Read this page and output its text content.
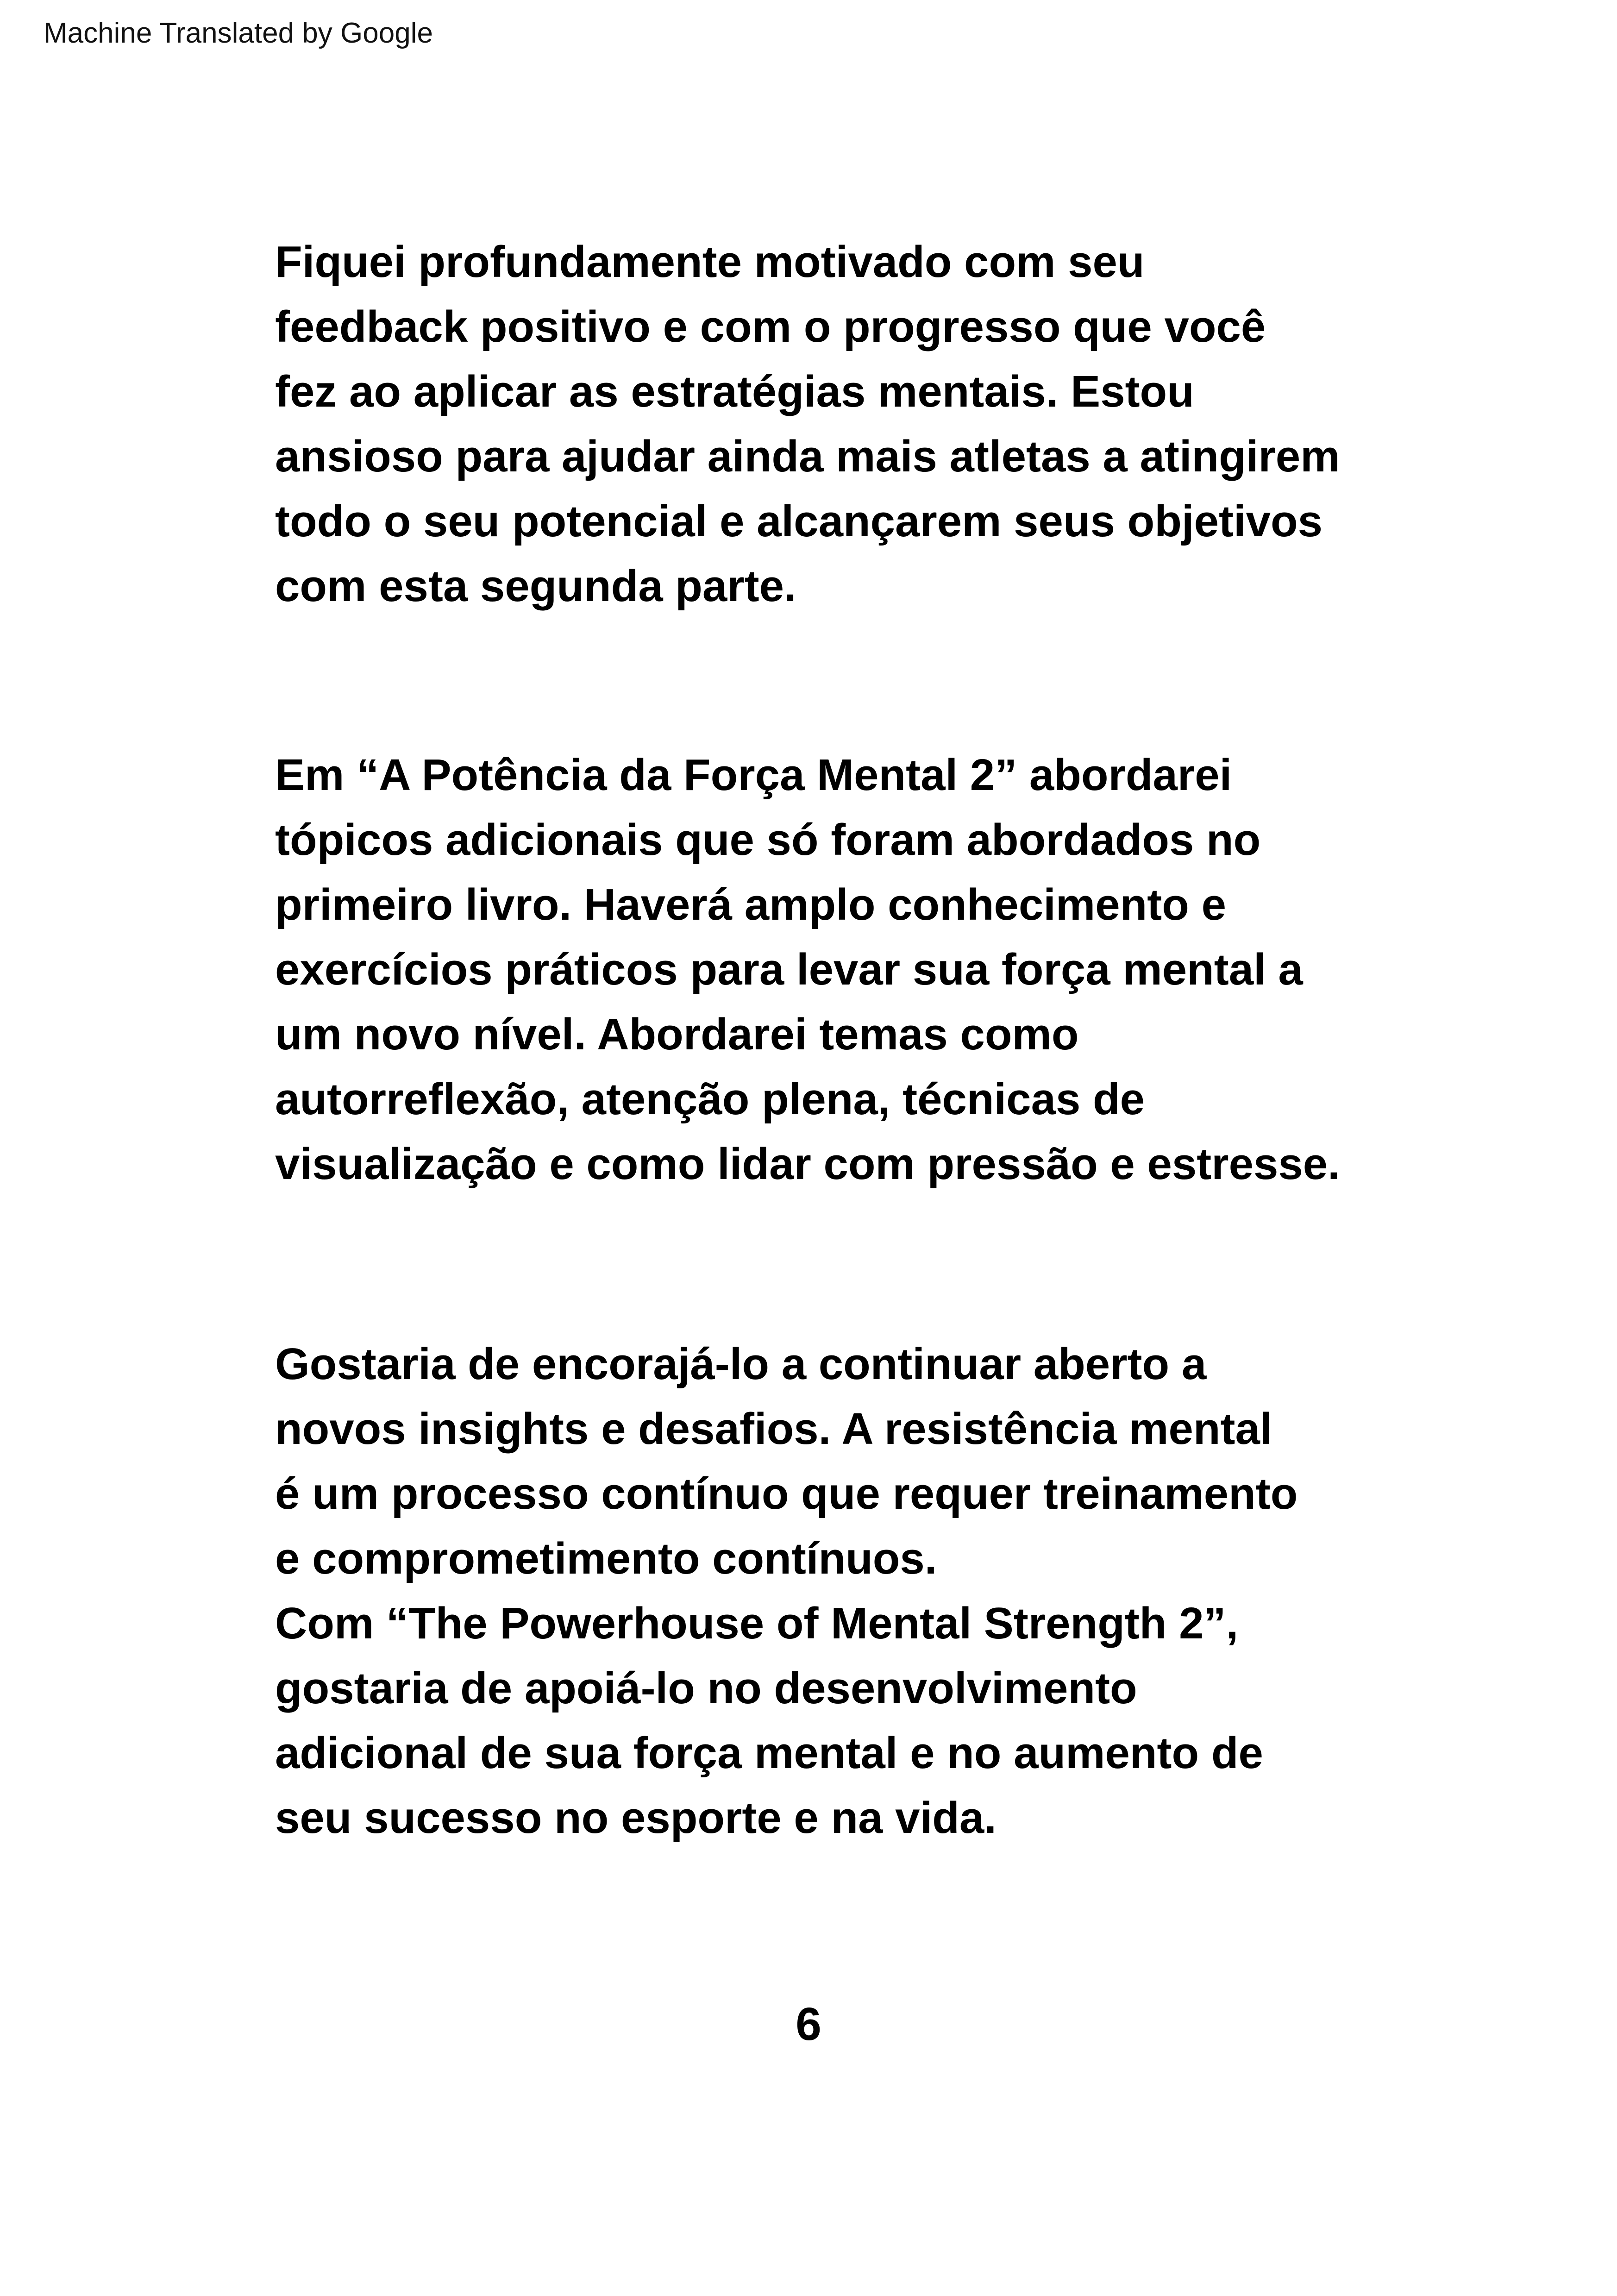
Machine Translated by Google

Fiquei profundamente motivado com seu
feedback positivo e com o progresso que você
fez ao aplicar as estratégias mentais. Estou
ansioso para ajudar ainda mais atletas a atingirem
todo o seu potencial e alcançarem seus objetivos
com esta segunda parte.

Em “A Potência da Força Mental 2” abordarei
tópicos adicionais que só foram abordados no
primeiro livro. Haverá amplo conhecimento e
exercícios práticos para levar sua força mental a
um novo nível. Abordarei temas como
autorreflexão, atenção plena, técnicas de
visualização e como lidar com pressão e estresse.

Gostaria de encorajá-lo a continuar aberto a
novos insights e desafios. A resistência mental
é um processo contínuo que requer treinamento
e comprometimento contínuos.
Com “The Powerhouse of Mental Strength 2”,
gostaria de apoiá-lo no desenvolvimento
adicional de sua força mental e no aumento de
seu sucesso no esporte e na vida.

6
